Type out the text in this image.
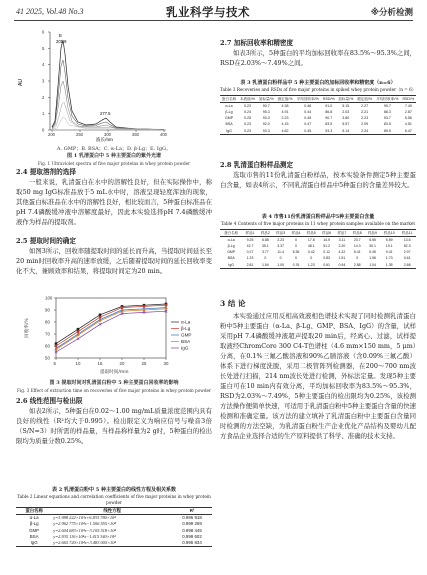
41 2025, Vol.48 No.3	乳业科学与技术	※分析检测
AU
0
1
2
3
4
5
6
200	250	300	350	400
E
201.9
277.5
波长/nm
A. GMP；B. BSA；C. α-La；D. β-Lg；E. IgG。
图 1 乳清蛋白中 5 种主要蛋白的紫外光谱
Fig. 1 Ultraviolet spectra of five major proteins in whey protein powder
2.4 提取溶剂的选择
一般来说，乳清蛋白在水中的溶解性良好，但在实际操作中，称取50 mg IgG标准品放于5 mL水中时，溶液呈现轻度浑浊的现象，其他蛋白标准品在水中的溶解性良好，相比较而言，5种蛋白标准品在pH 7.4磷酸缓冲液中溶解度最好，因此本实验选择pH 7.4磷酸缓冲液作为样品的提取剂。
2.5 提取时间的确定
如图3所示，回收率随提取时间的延长而升高，当提取时间延长至20 min时回收率升高的速率放缓，之后随着提取时间的延长回收率变化不大，兼顾效率和结果，将提取时间定为20 min。
50
60
70
80
90
100
5	10	15	20	25	30
回收率/%
提取时间/min
α-La
β-Lg
GMP
BSA
IgG
图 3 提取时间对乳清蛋白粉中 5 种主要蛋白回收率的影响
Fig. 3 Effect of extraction time on recoveries of five major proteins in whey protein powder
2.6 线性范围与检出限
如表2所示，5种蛋白在0.02～1.00 mg/mL质量浓度范围内具有良好的线性（R²均大于0.995）。检出限定义为响应信号与噪音3倍（S/N=3）时所需的样品量，当样品称样量为2 g时，5种蛋白的检出限均为质量分数0.25%。
表 2 乳清蛋白粉中 5 种主要蛋白的线性方程及相关系数
Table 2 Linear equations and correlation coefficients of five major proteins in whey protein powder
蛋白名称	线性方程	R²
α-La	y=3.988 222×10³x+6.833 780×10⁴	0.996 918
β-Lg	y=2.962 775×10⁴x−1.506 555×10⁴	0.999 269
GMP	y=2.604 683×10⁴x−3.105 518×10⁴	0.998 445
BSA	y=2.935 116×10⁴x−1.415 340×10⁴	0.999 602
IgG	y=2.665 720×10⁴x+3.483 005×10⁴	0.995 834
2.7 加标回收率和精密度
如表3所示，5种蛋白的平均加标回收率在83.5%～95.3%之间，RSD在2.03%～7.49%之间。
表 3 乳清蛋白粉样品中 5 种主要蛋白的加标回收率和精密度（n=6）
Table 3 Recoveries and RSDs of five major proteins in spiked whey protein powder（n = 6）
蛋白名称	本底值/%	加标量/%	测定值/%	平均回收率/%	RSD/%	加标量/%	测定值/%	平均回收率/%	RSD/%
α-La	0.23	90.7	4.38	0.46	91.0	5.15	2.27	90.7	7.49
β-Lg	0.24	95.3	4.91	0.44	86.8	2.03	2.21	88.3	2.87
GMP	0.25	93.3	2.23	0.45	90.7	3.80	2.23	93.7	5.56
BSA	0.23	92.0	4.15	0.47	83.5	5.57	2.09	83.5	4.51
IgG	0.23	93.3	4.62	0.45	93.3	5.14	2.24	89.5	6.47
2.8 乳清蛋白粉样品测定
选取市售的11份乳清蛋白粉样品，按本实验条件测定5种主要蛋白含量，如表4所示，不同乳清蛋白样品中5种蛋白的含量差异较大。
表 4 市售11份乳清蛋白粉样品中5种主要蛋白含量
Table 4 Contents of five major proteins in 11 whey protein samples available on the market
蛋白名称	样品1	样品2	样品3	样品4	样品5	样品6	样品7	样品8	样品9	样品10	样品11
α-La	9.25	6.88	2.23	0	17.8	14.9	3.11	23.7	5.55	5.59	13.6
β-Lg	42.7	35.1	3.37	0	48.1	51.2	2.20	14.3	30.1	19.1	52.3
GMP	0.27	3.77	11.4	5.36	0.42	0.12	4.22	5.41	5.45	9.41	2.97
BSA	1.23	0	0	0	0	0.83	1.51	0	1.96	1.73	0.61
IgG	2.81	1.54	1.00	0.76	1.23	0.61	0.94	2.58	1.04	1.35	2.68
3 结 论
本实验通过应用反相高效液相色谱技术实现了同时检测乳清蛋白粉中5种主要蛋白（α-La、β-Lg、GMP、BSA、IgG）的含量，试样采用pH 7.4磷酸缓冲液超声提取20 min后，经离心、过滤，试样提取液经ChromCore 300 C4-T色谱柱（4.6 mm×150 mm，5 μm）分离，在0.1%三氟乙酸溶液和90%乙腈溶液（含0.09%三氟乙酸）体系下进行梯度洗脱，采用二极管阵列检测器，在200～700 nm波长处进行扫描，214 nm波长处进行检测，外标法定量。发现5种主要蛋白可在10 min内有效分离，平均加标回收率为83.5%～95.3%，RSD为2.03%～7.49%，5种主要蛋白的检出限均为0.25%，该检测方法操作便简单快速，可适用于乳清蛋白粉中5种主要蛋白含量的快速检测和准确定量。该方法的建立填补了乳清蛋白粉中主要蛋白含量同时检测的方法空缺，为乳清蛋白粉生产企业优化产品结构及婴幼儿配方食品企业选择合适的生产原料提供了科学、准确的技术支持。
